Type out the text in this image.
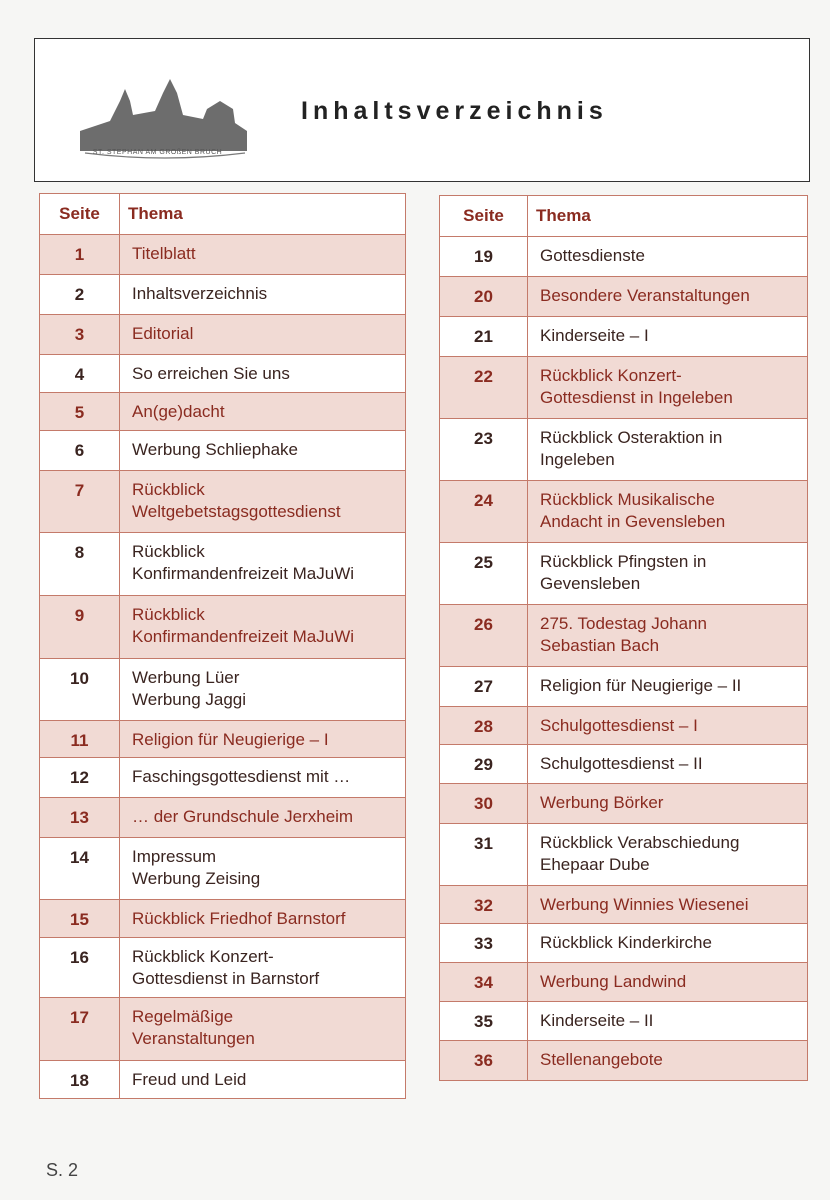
ST. STEPHAN AM GROßEN BRUCH
Inhaltsverzeichnis
Seite	Thema
1	Titelblatt
2	Inhaltsverzeichnis
3	Editorial
4	So erreichen Sie uns
5	An(ge)dacht
6	Werbung Schliephake
7	Rückblick
Weltgebetstagsgottesdienst
8	Rückblick
Konfirmandenfreizeit MaJuWi
9	Rückblick
Konfirmandenfreizeit MaJuWi
10	Werbung Lüer
Werbung Jaggi
11	Religion für Neugierige – I
12	Faschingsgottesdienst mit …
13	… der Grundschule Jerxheim
14	Impressum
Werbung Zeising
15	Rückblick Friedhof Barnstorf
16	Rückblick Konzert-
Gottesdienst in Barnstorf
17	Regelmäßige
Veranstaltungen
18	Freud und Leid
Seite	Thema
19	Gottesdienste
20	Besondere Veranstaltungen
21	Kinderseite – I
22	Rückblick Konzert-
Gottesdienst in Ingeleben
23	Rückblick Osteraktion in
Ingeleben
24	Rückblick Musikalische
Andacht in Gevensleben
25	Rückblick Pfingsten in
Gevensleben
26	275. Todestag Johann
Sebastian Bach
27	Religion für Neugierige – II
28	Schulgottesdienst – I
29	Schulgottesdienst – II
30	Werbung Börker
31	Rückblick Verabschiedung
Ehepaar Dube
32	Werbung Winnies Wiesenei
33	Rückblick Kinderkirche
34	Werbung Landwind
35	Kinderseite – II
36	Stellenangebote
S. 2
